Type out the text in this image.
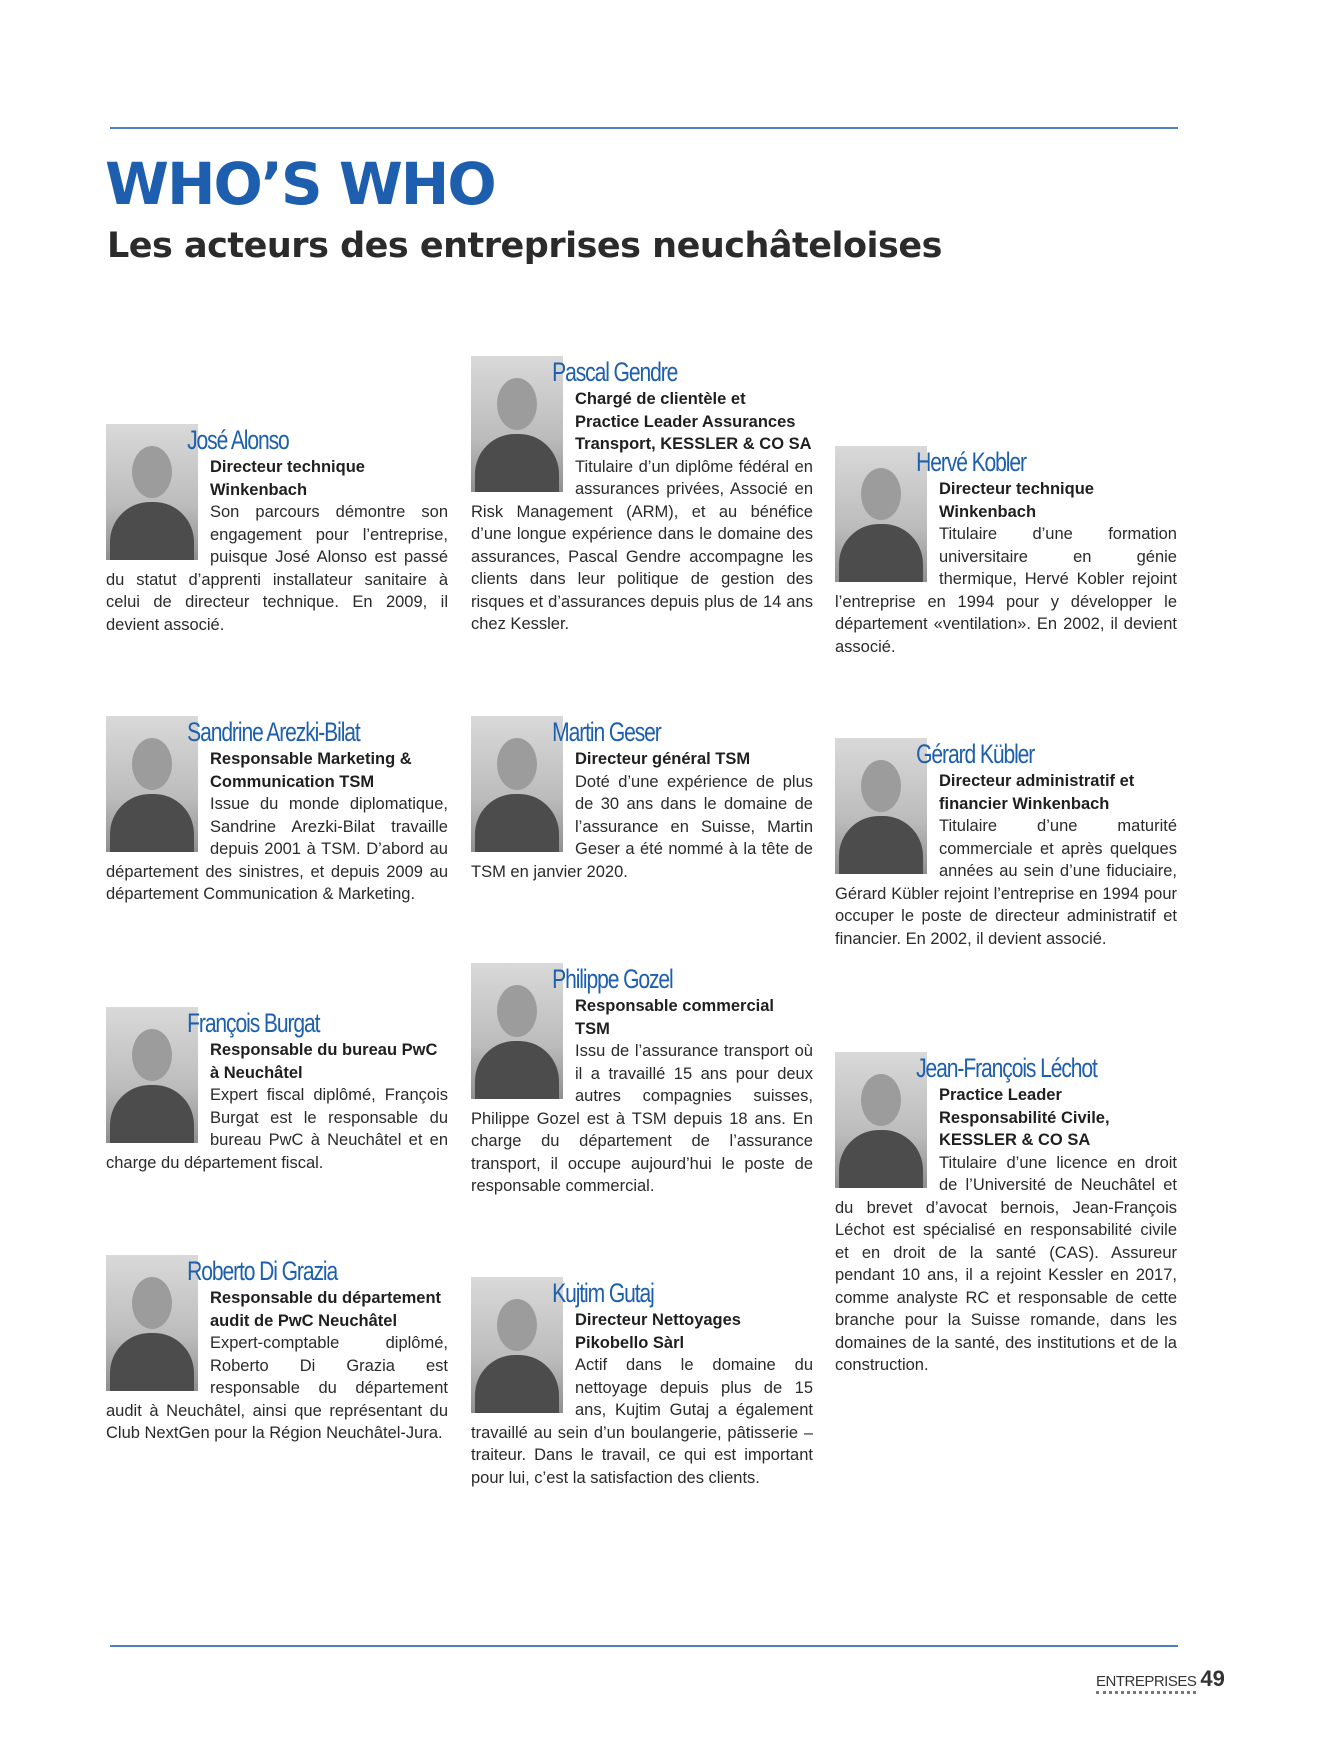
WHO’S WHO
Les acteurs des entreprises neuchâteloises
José Alonso
Directeur technique Winkenbach
Son parcours démontre son engagement pour l’entreprise, puisque José Alonso est passé du statut d’apprenti installateur sanitaire à celui de directeur technique. En 2009, il devient associé.
Sandrine Arezki-Bilat
Responsable Marketing & Communication TSM
Issue du monde diplomatique, Sandrine Arezki-Bilat travaille depuis 2001 à TSM. D’abord au département des sinistres, et depuis 2009 au département Communication & Marketing.
François Burgat
Responsable du bureau PwC à Neuchâtel
Expert fiscal diplômé, François Burgat est le responsable du bureau PwC à Neuchâtel et en charge du département fiscal.
Roberto Di Grazia
Responsable du département audit de PwC Neuchâtel
Expert-comptable diplômé, Roberto Di Grazia est responsable du département audit à Neuchâtel, ainsi que représentant du Club NextGen pour la Région Neuchâtel-Jura.
Pascal Gendre
Chargé de clientèle et Practice Leader Assurances Transport, KESSLER & CO SA
Titulaire d’un diplôme fédéral en assurances privées, Associé en Risk Management (ARM), et au bénéfice d’une longue expérience dans le domaine des assurances, Pascal Gendre accompagne les clients dans leur politique de gestion des risques et d’assurances depuis plus de 14 ans chez Kessler.
Martin Geser
Directeur général TSM
Doté d’une expérience de plus de 30 ans dans le domaine de l’assurance en Suisse, Martin Geser a été nommé à la tête de TSM en janvier 2020.
Philippe Gozel
Responsable commercial TSM
Issu de l’assurance transport où il a travaillé 15 ans pour deux autres compagnies suisses, Philippe Gozel est à TSM depuis 18 ans. En charge du département de l’assurance transport, il occupe aujourd’hui le poste de responsable commercial.
Kujtim Gutaj
Directeur Nettoyages Pikobello Sàrl
Actif dans le domaine du nettoyage depuis plus de 15 ans, Kujtim Gutaj a également travaillé au sein d’un boulangerie, pâtisserie – traiteur. Dans le travail, ce qui est important pour lui, c’est la satisfaction des clients.
Hervé Kobler
Directeur technique Winkenbach
Titulaire d’une formation universitaire en génie thermique, Hervé Kobler rejoint l’entreprise en 1994 pour y développer le département «ventilation». En 2002, il devient associé.
Gérard Kübler
Directeur administratif et financier Winkenbach
Titulaire d’une maturité commerciale et après quelques années au sein d’une fiduciaire, Gérard Kübler rejoint l’entreprise en 1994 pour occuper le poste de directeur administratif et financier. En 2002, il devient associé.
Jean-François Léchot
Practice Leader Responsabilité Civile, KESSLER & CO SA
Titulaire d’une licence en droit de l’Université de Neuchâtel et du brevet d’avocat bernois, Jean-François Léchot est spécialisé en responsabilité civile et en droit de la santé (CAS). Assureur pendant 10 ans, il a rejoint Kessler en 2017, comme analyste RC et responsable de cette branche pour la Suisse romande, dans les domaines de la santé, des institutions et de la construction.
ENTREPRISES 49
